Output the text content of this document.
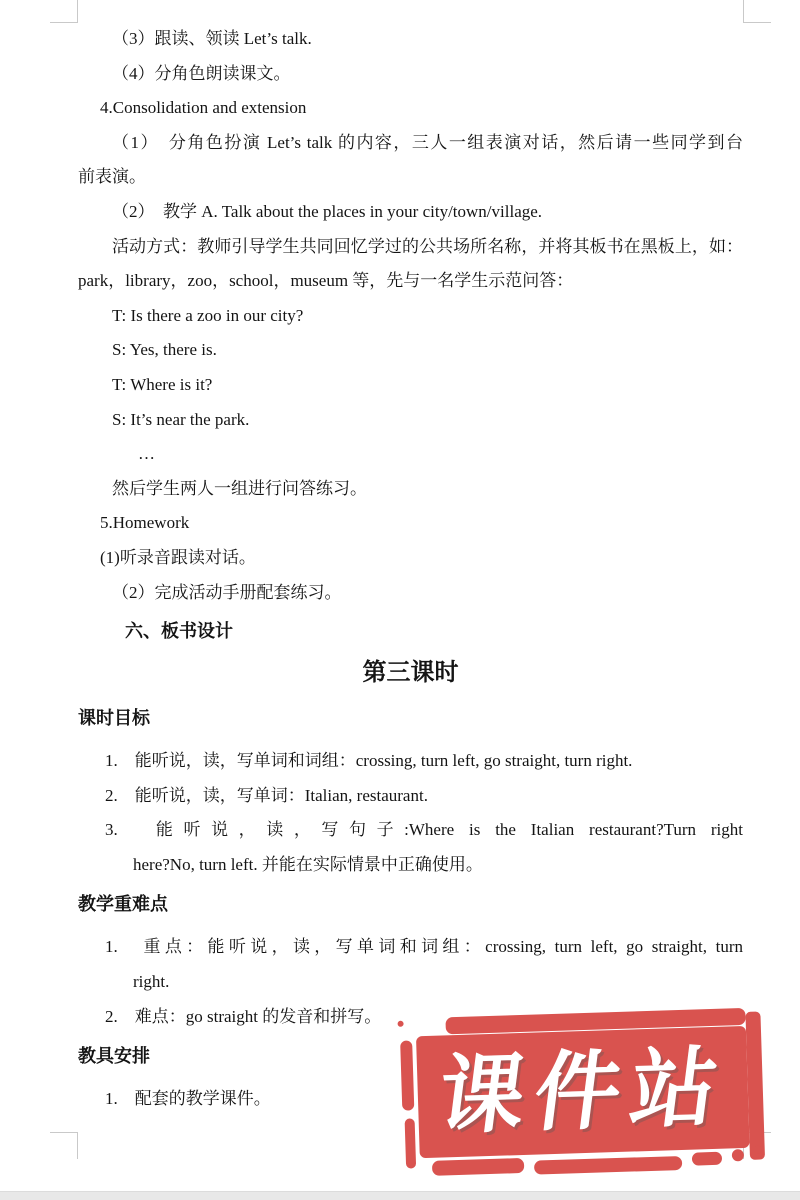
（3）跟读、领读 Let’s talk.

（4）分角色朗读课文。

4.Consolidation and extension

（1）　分角色扮演 Let’s talk 的内容，三人一组表演对话，然后请一些同学到台

前表演。

（2）　教学 A. Talk about the places in your city/town/village.

活动方式：教师引导学生共同回忆学过的公共场所名称，并将其板书在黑板上，如：

park，library，zoo，school，museum 等，先与一名学生示范问答：

T: Is there a zoo in our city?

S: Yes, there is.

T: Where is it?

S: It’s near the park.

…

然后学生两人一组进行问答练习。

5.Homework

(1)听录音跟读对话。

（2）完成活动手册配套练习。

六、板书设计
第三课时
课时目标
1.　能听说，读，写单词和词组：crossing, turn left, go straight, turn right.
2.　能听说，读，写单词：Italian, restaurant.
3.　能听说，读，写句子:Where is the Italian restaurant?Turn right
here?No, turn left. 并能在实际情景中正确使用。
教学重难点
1.　重点：能听说，读，写单词和词组：crossing, turn left, go straight, turn
right.
2.　难点：go straight 的发音和拼写。
教具安排
1.　配套的教学课件。	课件站
